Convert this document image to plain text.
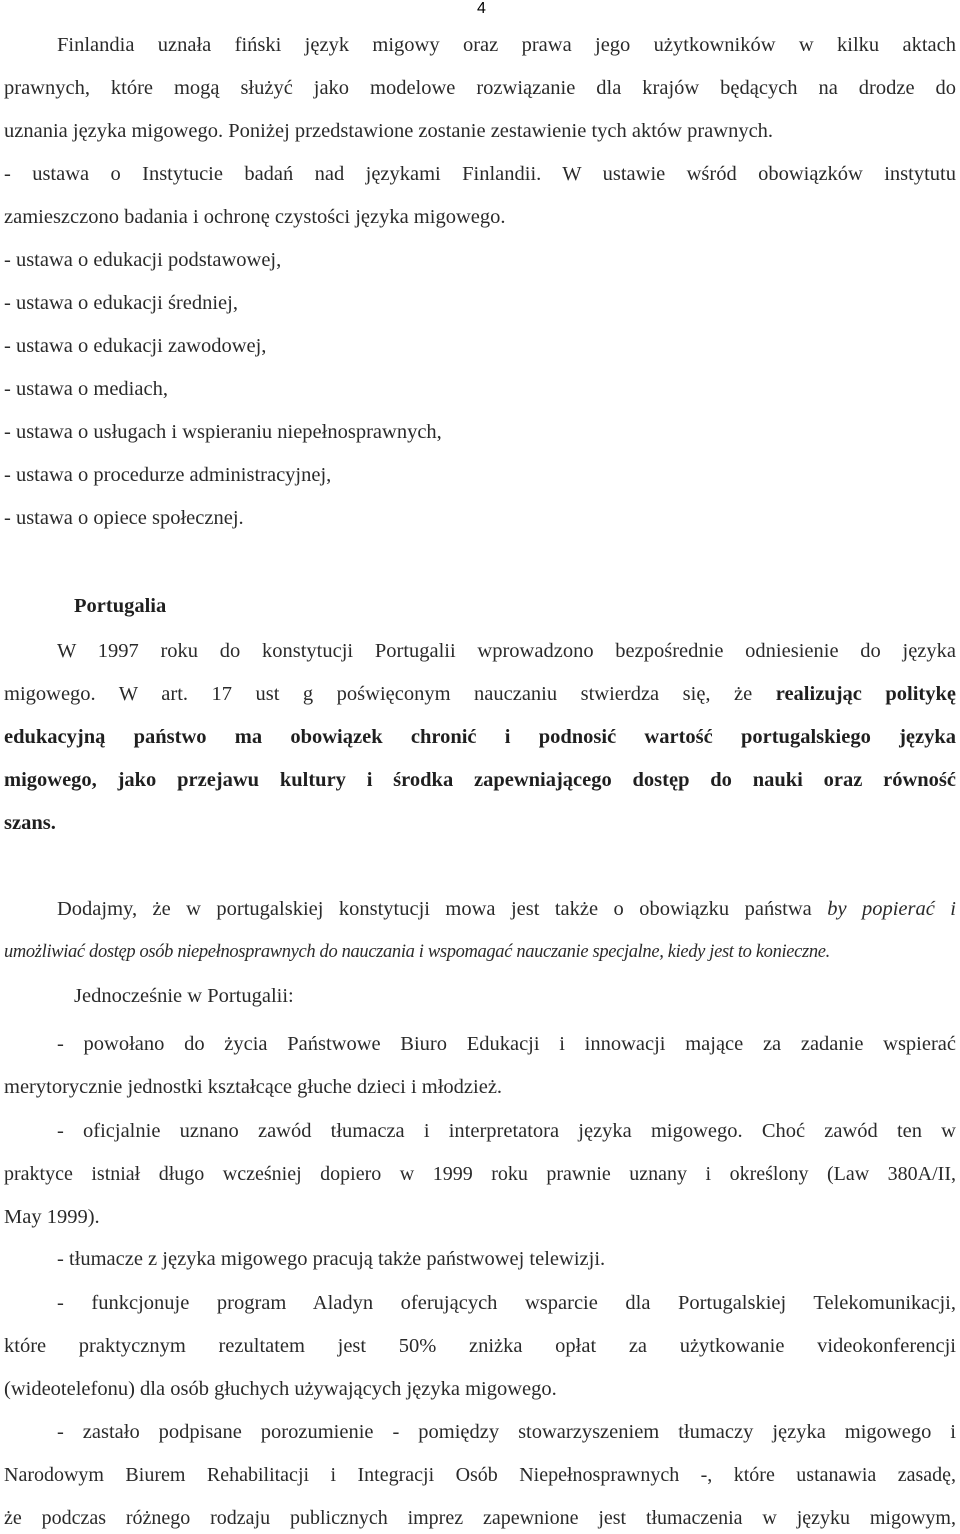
4
Finlandia uznała fiński język migowy oraz prawa jego użytkowników w kilku aktach
prawnych, które mogą służyć jako modelowe rozwiązanie dla krajów będących na drodze do
uznania języka migowego. Poniżej przedstawione zostanie zestawienie tych aktów prawnych.
- ustawa o Instytucie badań nad językami Finlandii. W ustawie wśród obowiązków instytutu
zamieszczono badania i ochronę czystości języka migowego.
- ustawa o edukacji podstawowej,
- ustawa o edukacji średniej,
- ustawa o edukacji zawodowej,
- ustawa o mediach,
- ustawa o usługach i wspieraniu niepełnosprawnych,
- ustawa o procedurze administracyjnej,
- ustawa o opiece społecznej.
Portugalia
W 1997 roku do konstytucji Portugalii wprowadzono bezpośrednie odniesienie do języka
migowego. W art. 17 ust g poświęconym nauczaniu stwierdza się, że realizując politykę
edukacyjną państwo ma obowiązek chronić i podnosić wartość portugalskiego języka
migowego, jako przejawu kultury i środka zapewniającego dostęp do nauki oraz równość
szans.
Dodajmy, że w portugalskiej konstytucji mowa jest także o obowiązku państwa by popierać i
umożliwiać dostęp osób niepełnosprawnych do nauczania i wspomagać nauczanie specjalne, kiedy jest to konieczne.
Jednocześnie w Portugalii:
- powołano do życia Państwowe Biuro Edukacji i innowacji mające za zadanie wspierać
merytorycznie jednostki kształcące głuche dzieci i młodzież.
- oficjalnie uznano zawód tłumacza i interpretatora języka migowego. Choć zawód ten w
praktyce istniał długo wcześniej dopiero w 1999 roku prawnie uznany i określony (Law 380A/II,
May 1999).
- tłumacze z języka migowego pracują także państwowej telewizji.
- funkcjonuje program Aladyn oferujących wsparcie dla Portugalskiej Telekomunikacji,
które praktycznym rezultatem jest 50% zniżka opłat za użytkowanie videokonferencji
(wideotelefonu) dla osób głuchych używających języka migowego.
- zastało podpisane porozumienie - pomiędzy stowarzyszeniem tłumaczy języka migowego i
Narodowym Biurem Rehabilitacji i Integracji Osób Niepełnosprawnych -, które ustanawia zasadę,
że podczas różnego rodzaju publicznych imprez zapewnione jest tłumaczenia w języku migowym,
